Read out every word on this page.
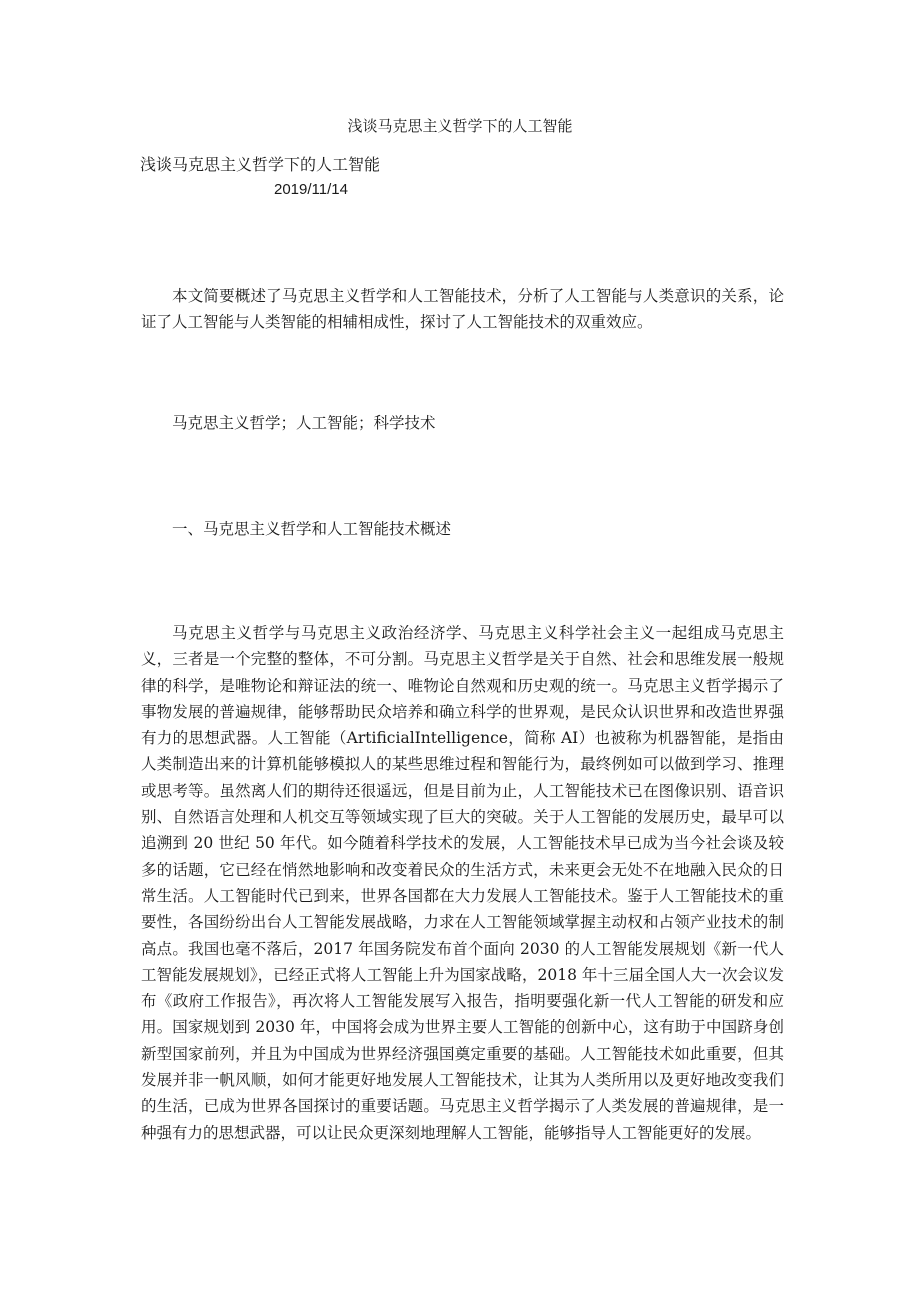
浅谈马克思主义哲学下的人工智能
浅谈马克思主义哲学下的人工智能
2019/11/14

本文简要概述了马克思主义哲学和人工智能技术，分析了人工智能与人类意识的关系，论证了人工智能与人类智能的相辅相成性，探讨了人工智能技术的双重效应。

马克思主义哲学；人工智能；科学技术

一、马克思主义哲学和人工智能技术概述

马克思主义哲学与马克思主义政治经济学、马克思主义科学社会主义一起组成马克思主义，三者是一个完整的整体，不可分割。马克思主义哲学是关于自然、社会和思维发展一般规律的科学，是唯物论和辩证法的统一、唯物论自然观和历史观的统一。马克思主义哲学揭示了事物发展的普遍规律，能够帮助民众培养和确立科学的世界观，是民众认识世界和改造世界强有力的思想武器。人工智能（ArtificialIntelligence，简称 AI）也被称为机器智能，是指由人类制造出来的计算机能够模拟人的某些思维过程和智能行为，最终例如可以做到学习、推理或思考等。虽然离人们的期待还很遥远，但是目前为止，人工智能技术已在图像识别、语音识别、自然语言处理和人机交互等领域实现了巨大的突破。关于人工智能的发展历史，最早可以追溯到 20 世纪 50 年代。如今随着科学技术的发展，人工智能技术早已成为当今社会谈及较多的话题，它已经在悄然地影响和改变着民众的生活方式，未来更会无处不在地融入民众的日常生活。人工智能时代已到来，世界各国都在大力发展人工智能技术。鉴于人工智能技术的重要性，各国纷纷出台人工智能发展战略，力求在人工智能领域掌握主动权和占领产业技术的制高点。我国也毫不落后，2017 年国务院发布首个面向 2030 的人工智能发展规划《新一代人工智能发展规划》，已经正式将人工智能上升为国家战略，2018 年十三届全国人大一次会议发布《政府工作报告》，再次将人工智能发展写入报告，指明要强化新一代人工智能的研发和应用。国家规划到 2030 年，中国将会成为世界主要人工智能的创新中心，这有助于中国跻身创新型国家前列，并且为中国成为世界经济强国奠定重要的基础。人工智能技术如此重要，但其发展并非一帆风顺，如何才能更好地发展人工智能技术，让其为人类所用以及更好地改变我们的生活，已成为世界各国探讨的重要话题。马克思主义哲学揭示了人类发展的普遍规律，是一种强有力的思想武器，可以让民众更深刻地理解人工智能，能够指导人工智能更好的发展。
